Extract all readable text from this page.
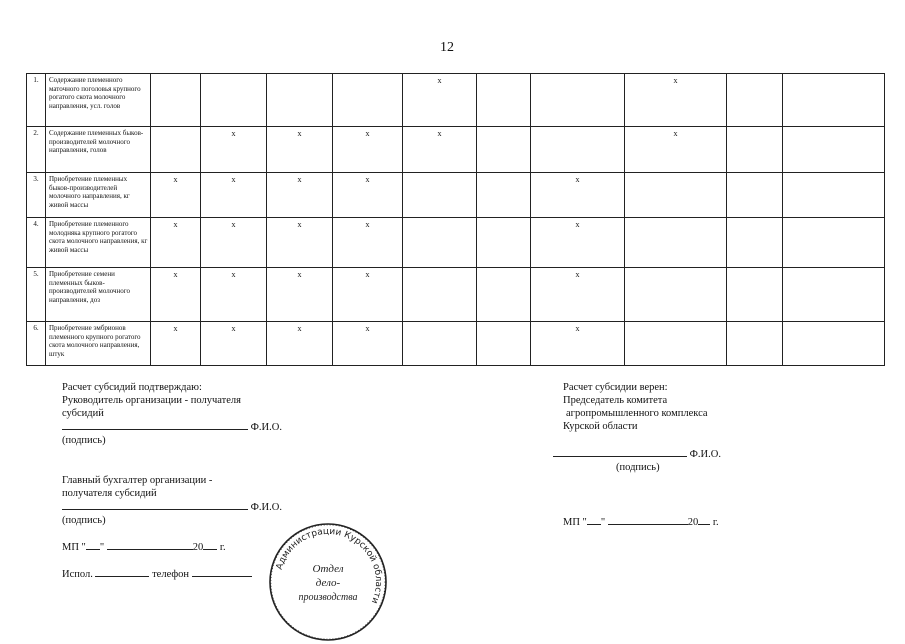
12
1.	Содержание племенного маточного поголовья крупного рогатого скота молочного направления, усл. голов					x			x		
2.	Содержание племенных быков-производителей молочного направления, голов		x	x	x	x			x		
3.	Приобретение племенных быков-производителей молочного направления, кг живой массы	x	x	x	x			x			
4.	Приобретение племенного молодняка крупного рогатого скота молочного направления, кг живой массы	x	x	x	x			x			
5.	Приобретение семени племенных быков-производителей молочного направления, доз	x	x	x	x			x			
6.	Приобретение эмбрионов племенного крупного рогатого скота молочного направления, штук	x	x	x	x			x			
Расчет субсидий подтверждаю:
Руководитель организации - получателя
субсидий
Ф.И.О.
(подпись)
Главный бухгалтер организации -
получателя субсидий
Ф.И.О.
(подпись)
МП " "	20 г.
Испол.	телефон
Расчет субсидии верен:
Председатель комитета
агропромышленного комплекса
Курской области
Ф.И.О.
(подпись)
МП " "	20 г.
Администрации Курской области
Отдел
дело-
производства
